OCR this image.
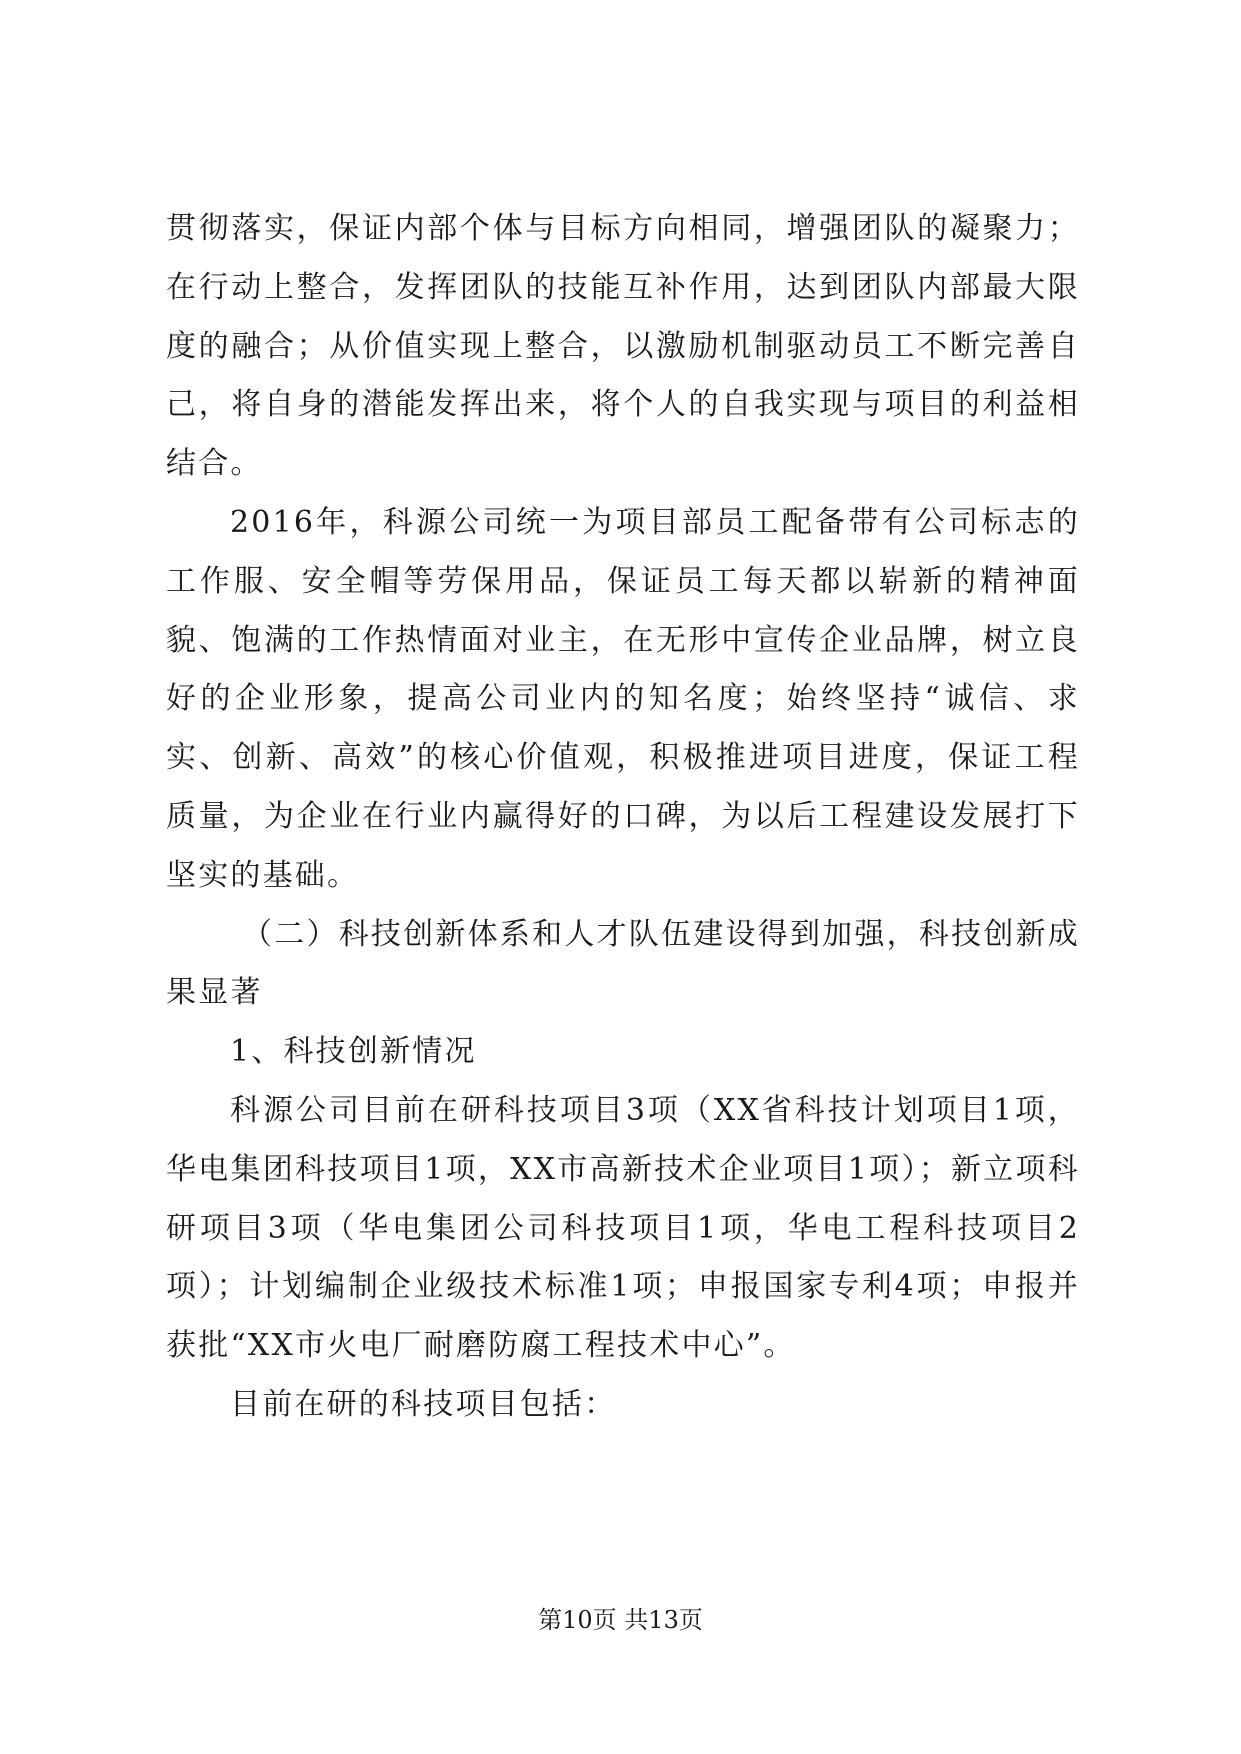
贯彻落实，保证内部个体与目标方向相同，增强团队的凝聚力；在行动上整合，发挥团队的技能互补作用，达到团队内部最大限度的融合；从价值实现上整合，以激励机制驱动员工不断完善自己，将自身的潜能发挥出来，将个人的自我实现与项目的利益相结合。

2016年，科源公司统一为项目部员工配备带有公司标志的工作服、安全帽等劳保用品，保证员工每天都以崭新的精神面貌、饱满的工作热情面对业主，在无形中宣传企业品牌，树立良好的企业形象，提高公司业内的知名度；始终坚持“诚信、求实、创新、高效”的核心价值观，积极推进项目进度，保证工程质量，为企业在行业内赢得好的口碑，为以后工程建设发展打下坚实的基础。

（二）科技创新体系和人才队伍建设得到加强，科技创新成果显著

1、科技创新情况

科源公司目前在研科技项目3项（XX省科技计划项目1项，华电集团科技项目1项，XX市高新技术企业项目1项）；新立项科研项目3项（华电集团公司科技项目1项，华电工程科技项目2项）；计划编制企业级技术标准1项；申报国家专利4项；申报并获批“XX市火电厂耐磨防腐工程技术中心”。

目前在研的科技项目包括：

第10页 共13页
